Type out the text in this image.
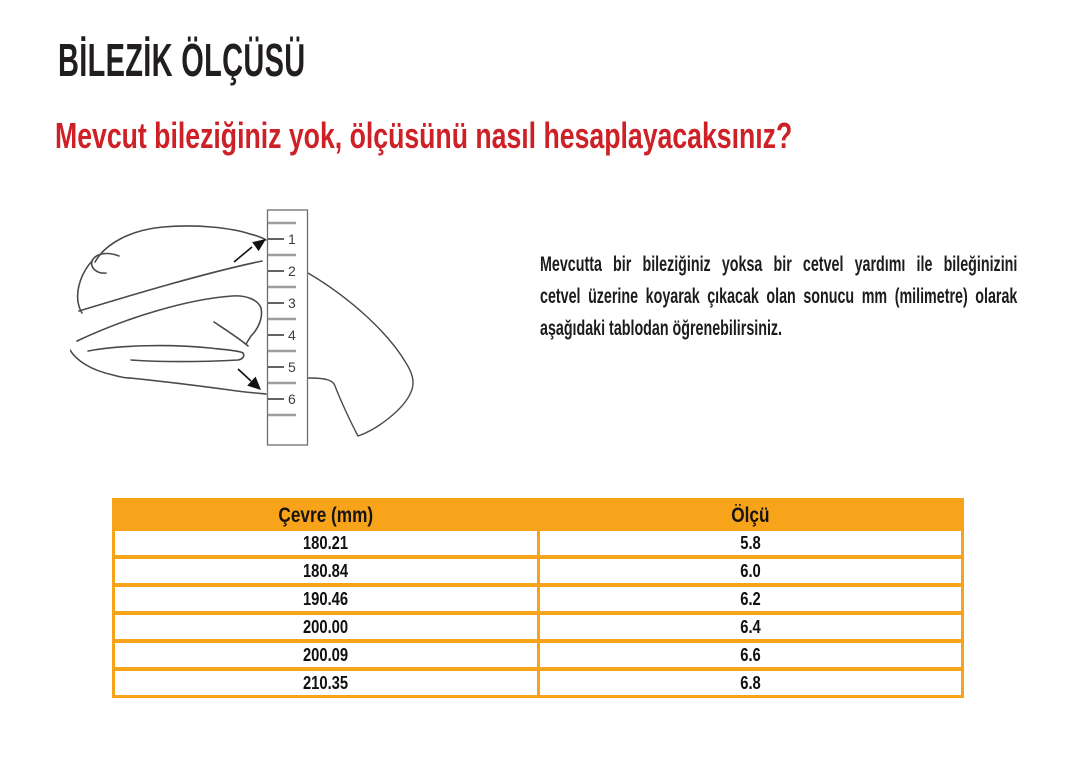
BİLEZİK ÖLÇÜSÜ
Mevcut bileziğiniz yok, ölçüsünü nasıl hesaplayacaksınız?
1
2
3
4
5
6
Mevcutta bir bileziğiniz yoksa bir cetvel yardımı ile bileğinizini
cetvel üzerine koyarak çıkacak olan sonucu mm (milimetre) olarak
aşağıdaki tablodan öğrenebilirsiniz.
Çevre (mm)	Ölçü
180.21	5.8
180.84	6.0
190.46	6.2
200.00	6.4
200.09	6.6
210.35	6.8
